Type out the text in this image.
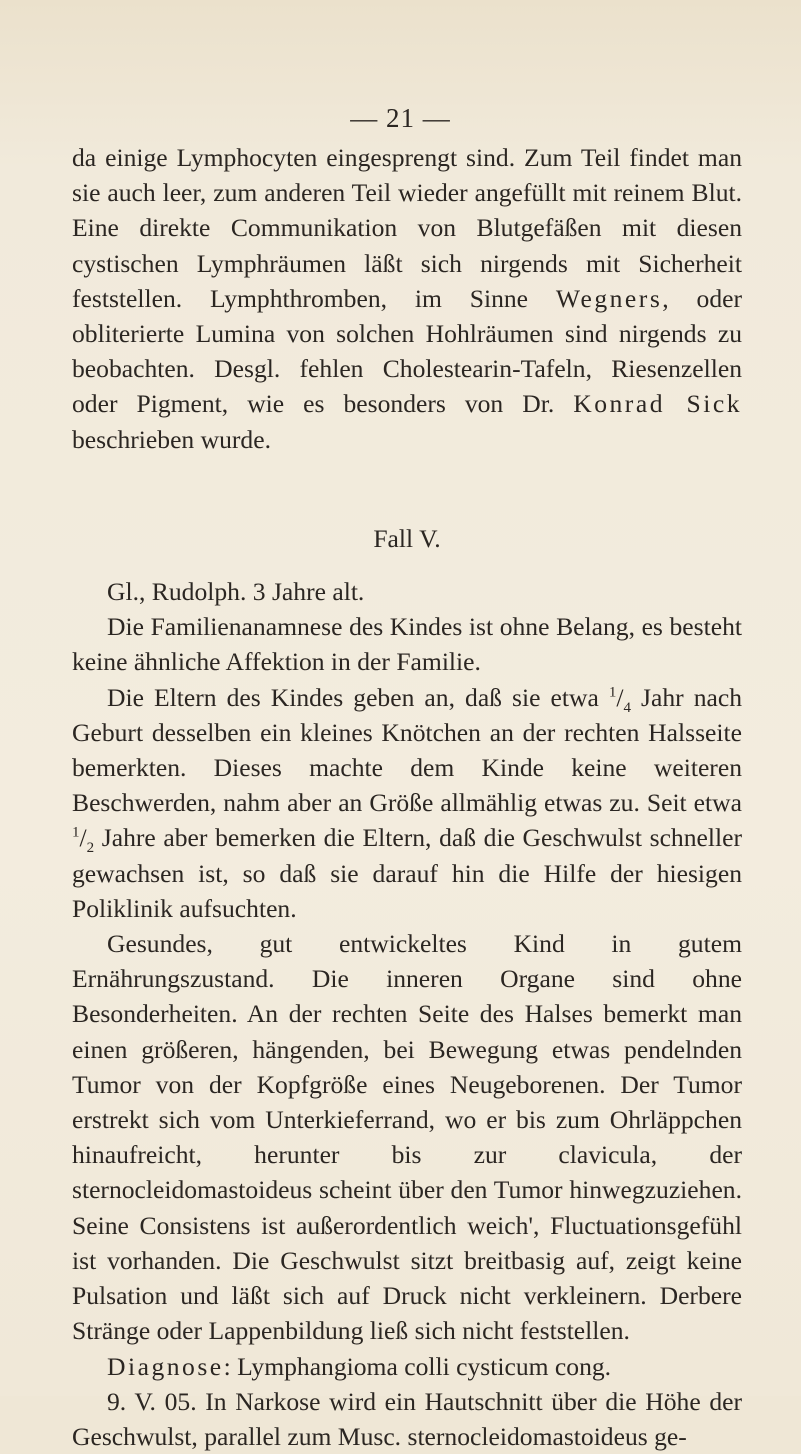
— 21 —

da einige Lymphocyten eingesprengt sind. Zum Teil findet man sie auch leer, zum anderen Teil wieder angefüllt mit reinem Blut. Eine direkte Communikation von Blutgefäßen mit diesen cystischen Lymphräumen läßt sich nirgends mit Sicherheit feststellen. Lymphthromben, im Sinne Wegners, oder obliterierte Lumina von solchen Hohlräumen sind nirgends zu beobachten. Desgl. fehlen Cholestearin-Tafeln, Riesenzellen oder Pigment, wie es besonders von Dr. Konrad Sick beschrieben wurde.

Fall V.

Gl., Rudolph. 3 Jahre alt.

Die Familienanamnese des Kindes ist ohne Belang, es besteht keine ähnliche Affektion in der Familie.

Die Eltern des Kindes geben an, daß sie etwa $^1/_4$ Jahr nach Geburt desselben ein kleines Knötchen an der rechten Halsseite bemerkten. Dieses machte dem Kinde keine weiteren Beschwerden, nahm aber an Größe allmählig etwas zu. Seit etwa $^1/_2$ Jahre aber bemerken die Eltern, daß die Geschwulst schneller gewachsen ist, so daß sie darauf hin die Hilfe der hiesigen Poliklinik aufsuchten.

Gesundes, gut entwickeltes Kind in gutem Ernährungszustand. Die inneren Organe sind ohne Besonderheiten. An der rechten Seite des Halses bemerkt man einen größeren, hängenden, bei Bewegung etwas pendelnden Tumor von der Kopfgröße eines Neugeborenen. Der Tumor erstrekt sich vom Unterkieferrand, wo er bis zum Ohrläppchen hinaufreicht, herunter bis zur clavicula, der sternocleidomastoideus scheint über den Tumor hinwegzuziehen. Seine Consistens ist außerordentlich weich', Fluctuationsgefühl ist vorhanden. Die Geschwulst sitzt breitbasig auf, zeigt keine Pulsation und läßt sich auf Druck nicht verkleinern. Derbere Stränge oder Lappenbildung ließ sich nicht feststellen.

Diagnose: Lymphangioma colli cysticum cong.

9. V. 05. In Narkose wird ein Hautschnitt über die Höhe der Geschwulst, parallel zum Musc. sternocleidomastoideus ge-
